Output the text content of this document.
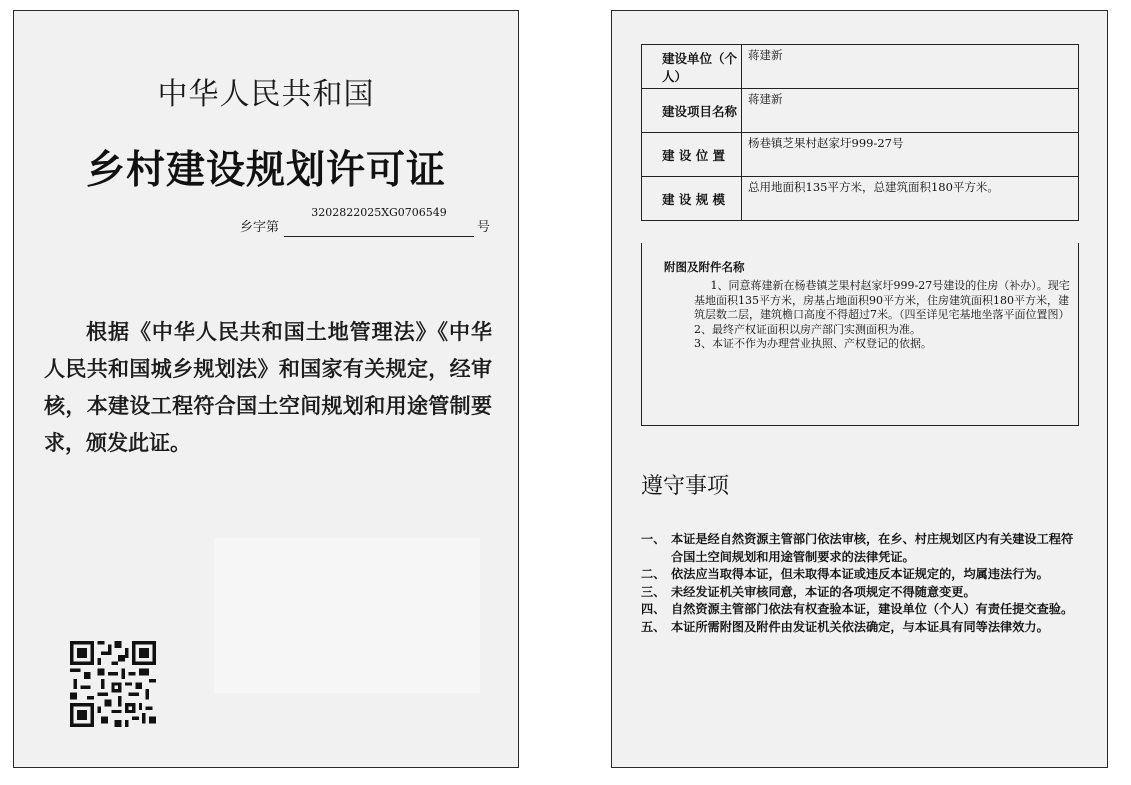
中华人民共和国
乡村建设规划许可证
乡字第
3202822025XG0706549
号
根据《中华人民共和国土地管理法》《中华人民共和国城乡规划法》和国家有关规定，经审核，本建设工程符合国土空间规划和用途管制要求，颁发此证。
建设单位（个人）	蒋建新
建设项目名称	蒋建新
建 设 位 置	杨巷镇芝果村赵家圩999-27号
建 设 规 模	总用地面积135平方米，总建筑面积180平方米。
附图及附件名称

1、同意蒋建新在杨巷镇芝果村赵家圩999-27号建设的住房（补办）。现宅基地面积135平方米，房基占地面积90平方米，住房建筑面积180平方米，建筑层数二层，建筑檐口高度不得超过7米。（四至详见宅基地坐落平面位置图）

2、最终产权证面积以房产部门实测面积为准。

3、本证不作为办理营业执照、产权登记的依据。

遵守事项
一、 本证是经自然资源主管部门依法审核，在乡、村庄规划区内有关建设工程符合国土空间规划和用途管制要求的法律凭证。
二、 依法应当取得本证，但未取得本证或违反本证规定的，均属违法行为。
三、 未经发证机关审核同意，本证的各项规定不得随意变更。
四、 自然资源主管部门依法有权查验本证，建设单位（个人）有责任提交查验。
五、 本证所需附图及附件由发证机关依法确定，与本证具有同等法律效力。
